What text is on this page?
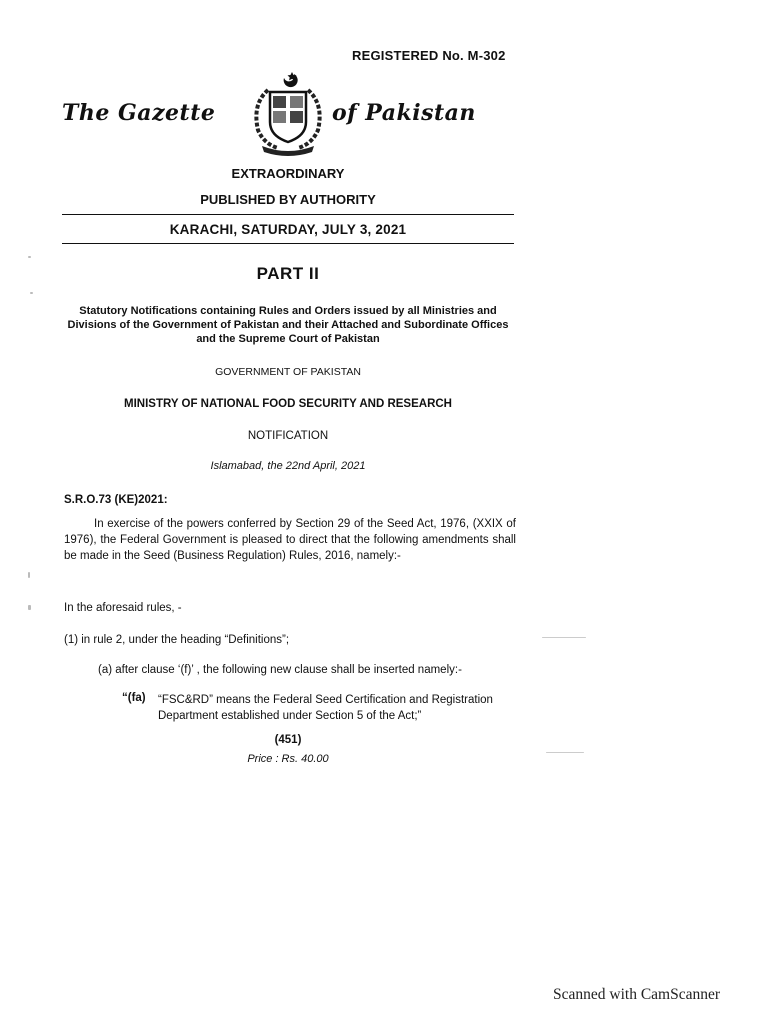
REGISTERED No. M-302
The Gazette	of Pakistan
EXTRAORDINARY
PUBLISHED BY AUTHORITY
KARACHI, SATURDAY, JULY 3, 2021
PART II
Statutory Notifications containing Rules and Orders issued by all Ministries and Divisions of the Government of Pakistan and their Attached and Subordinate Offices and the Supreme Court of Pakistan
GOVERNMENT OF PAKISTAN
MINISTRY OF NATIONAL FOOD SECURITY AND RESEARCH
NOTIFICATION
Islamabad, the 22nd April, 2021
S.R.O.73 (KE)2021:
In exercise of the powers conferred by Section 29 of the Seed Act, 1976, (XXIX of 1976), the Federal Government is pleased to direct that the following amendments shall be made in the Seed (Business Regulation) Rules, 2016, namely:-
In the aforesaid rules, -
(1) in rule 2, under the heading “Definitions”;
(a) after clause ‘(f)’ , the following new clause shall be inserted namely:-
“(fa) “FSC&RD” means the Federal Seed Certification and Registration Department established under Section 5 of the Act;”
(451)
Price : Rs. 40.00
Scanned with CamScanner
